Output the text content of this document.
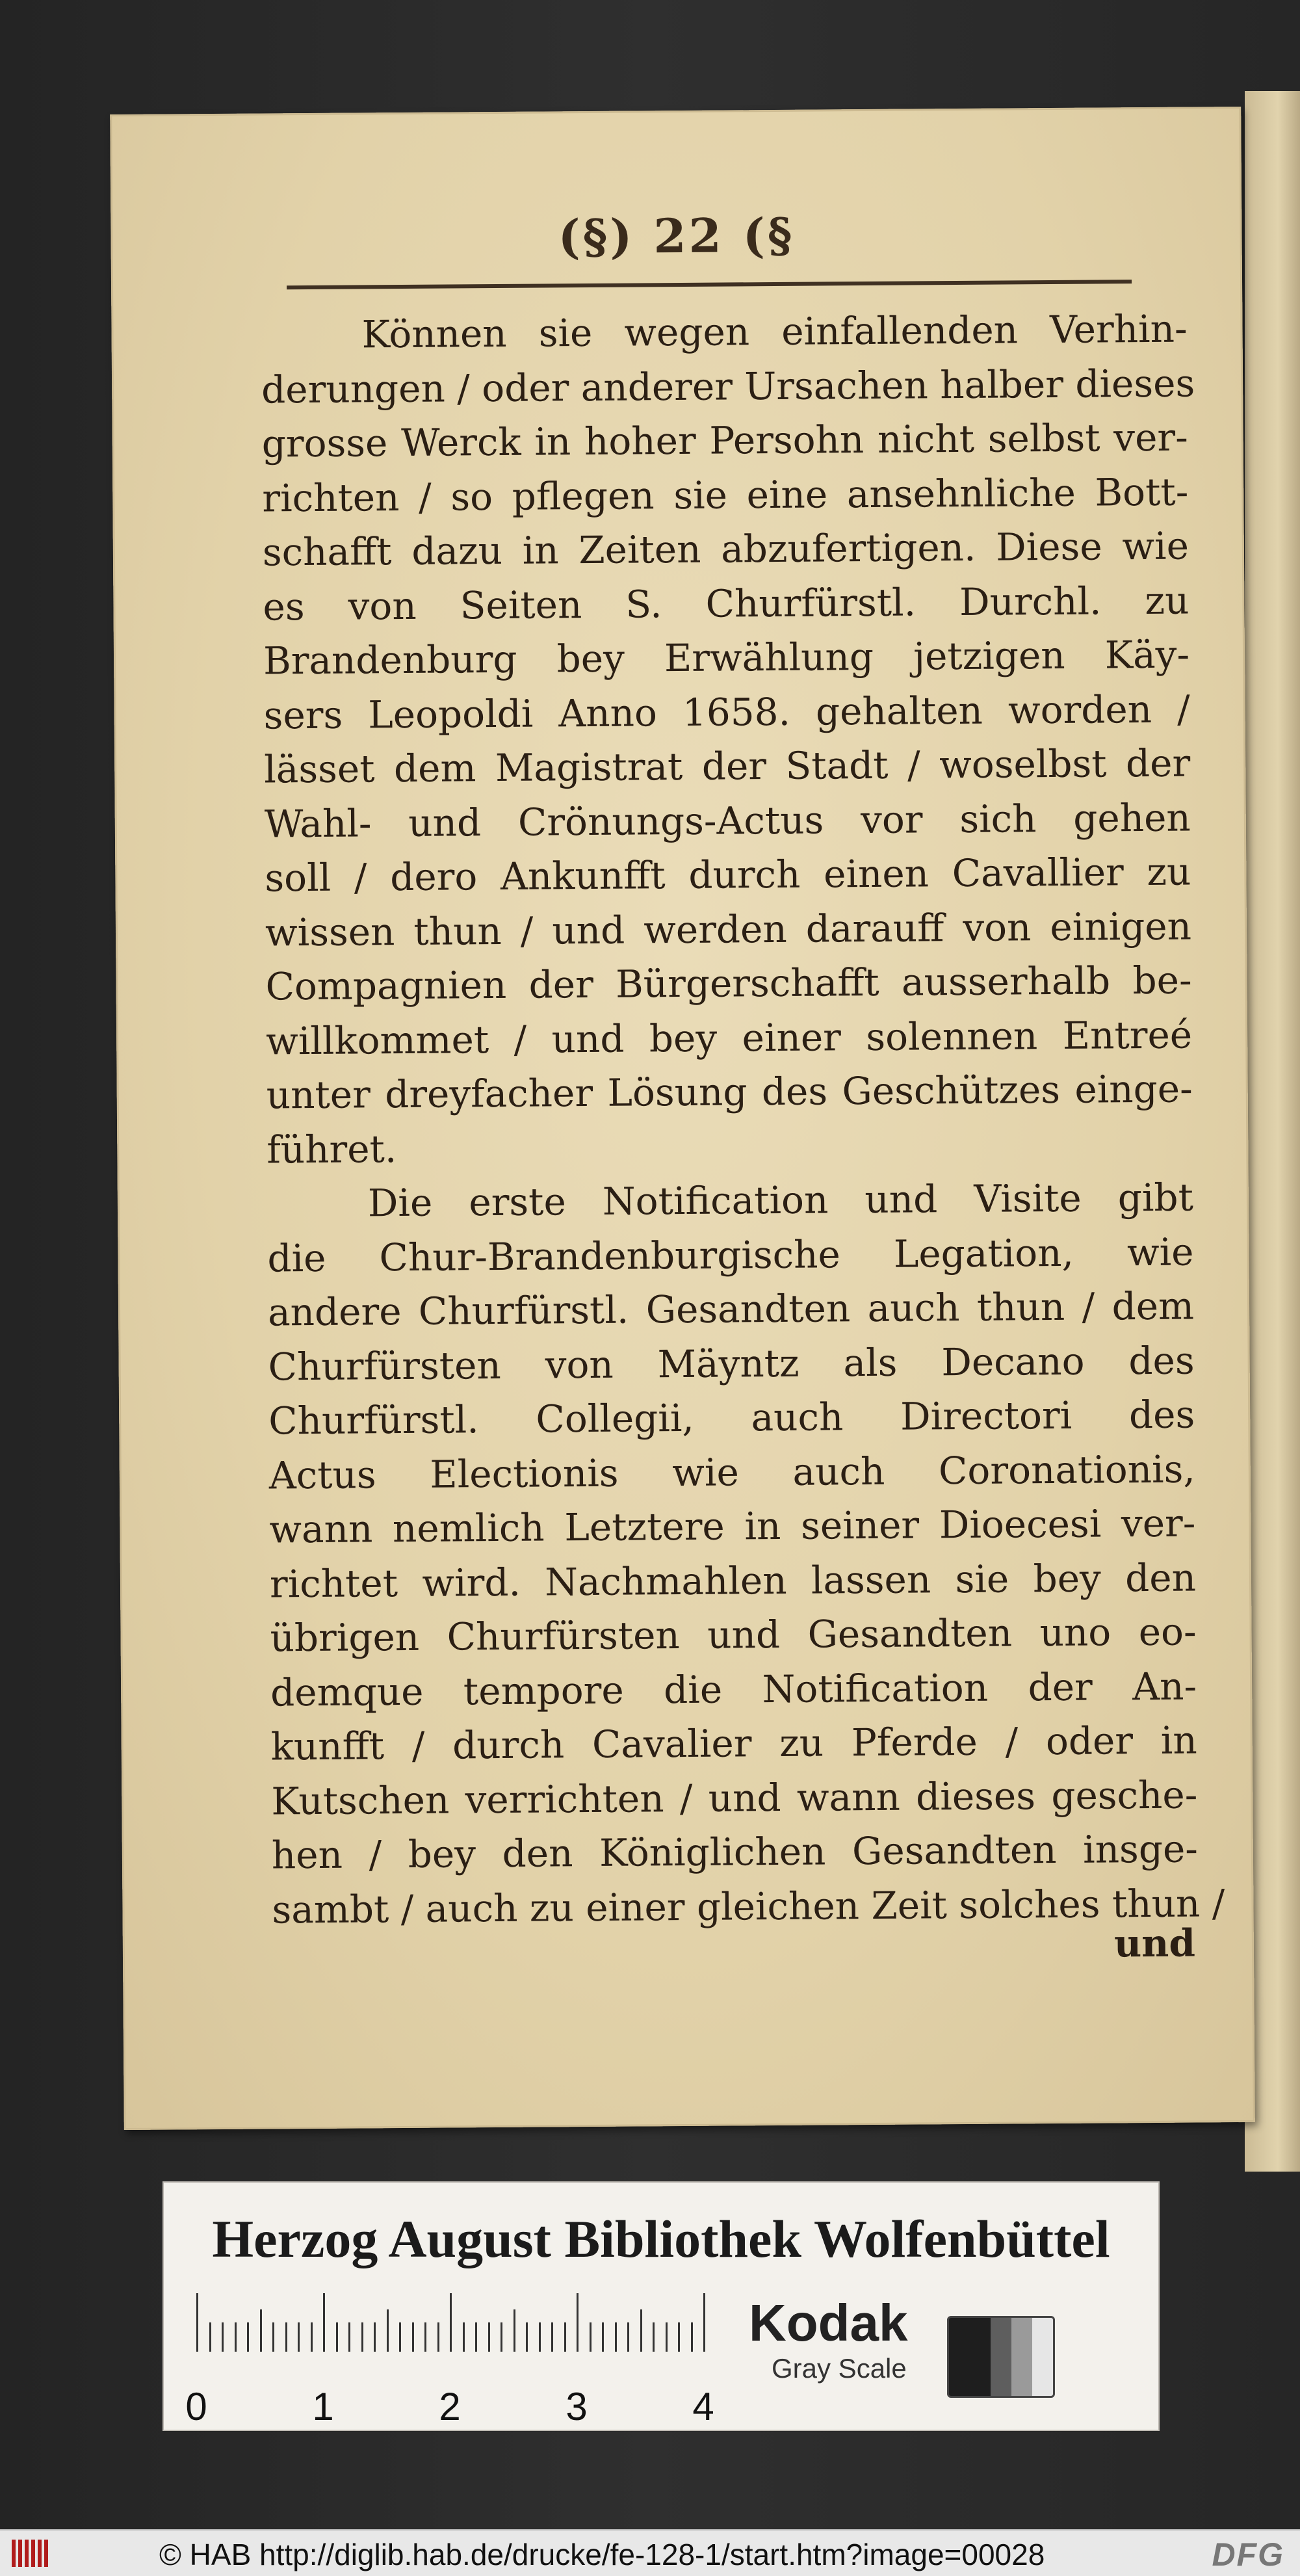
(§) 22 (§
Können sie wegen einfallenden Verhin-
derungen / oder anderer Ursachen halber dieses
grosse Werck in hoher Persohn nicht selbst ver-
richten / so pflegen sie eine ansehnliche Bott-
schafft dazu in Zeiten abzufertigen. Diese wie
es von Seiten S. Churfürstl. Durchl. zu
Brandenburg bey Erwählung jetzigen Käy-
sers Leopoldi Anno 1658. gehalten worden /
lässet dem Magistrat der Stadt / woselbst der
Wahl- und Crönungs-Actus vor sich gehen
soll / dero Ankunfft durch einen Cavallier zu
wissen thun / und werden darauff von einigen
Compagnien der Bürgerschafft ausserhalb be-
willkommet / und bey einer solennen Entreé
unter dreyfacher Lösung des Geschützes einge-
führet.
Die erste Notification und Visite gibt
die Chur-Brandenburgische Legation, wie
andere Churfürstl. Gesandten auch thun / dem
Churfürsten von Mäyntz als Decano des
Churfürstl. Collegii, auch Directori des
Actus Electionis wie auch Coronationis,
wann nemlich Letztere in seiner Dioecesi ver-
richtet wird. Nachmahlen lassen sie bey den
übrigen Churfürsten und Gesandten uno eo-
demque tempore die Notification der An-
kunfft / durch Cavalier zu Pferde / oder in
Kutschen verrichten / und wann dieses gesche-
hen / bey den Königlichen Gesandten insge-
sambt / auch zu einer gleichen Zeit solches thun /
und
Herzog August Bibliothek Wolfenbüttel
0	1	2	3	4
Kodak
Gray Scale
© HAB http://diglib.hab.de/drucke/fe-128-1/start.htm?image=00028	DFG
